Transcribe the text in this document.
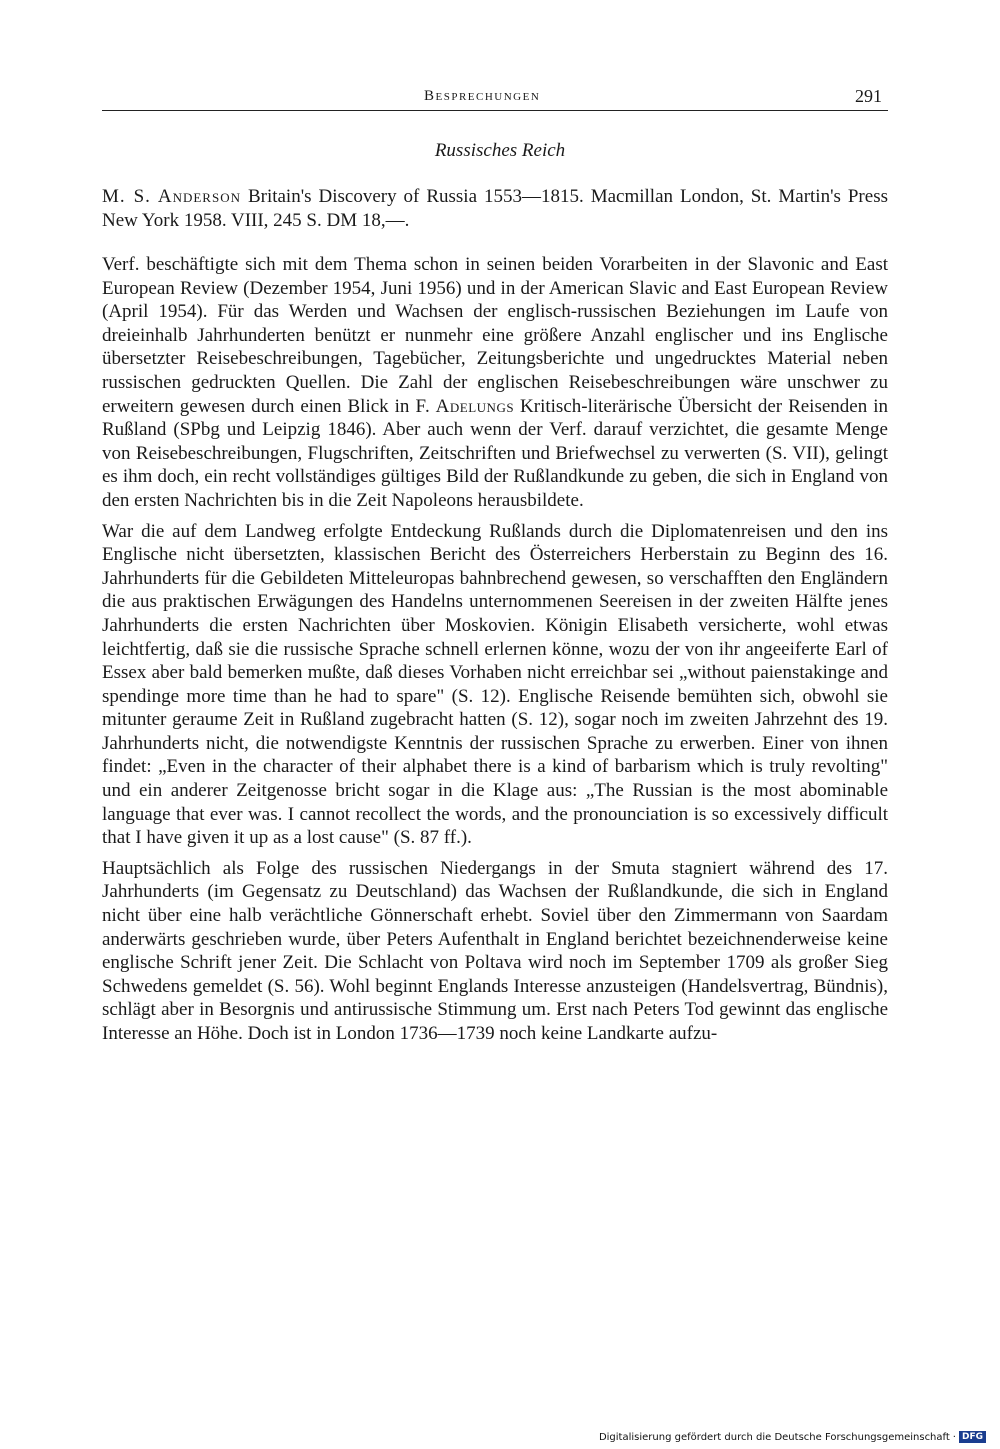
Besprechungen	291
Russisches Reich

M. S. Anderson Britain's Discovery of Russia 1553—1815. Macmillan London, St. Martin's Press New York 1958. VIII, 245 S. DM 18,—.

Verf. beschäftigte sich mit dem Thema schon in seinen beiden Vorarbeiten in der Slavonic and East European Review (Dezember 1954, Juni 1956) und in der American Slavic and East European Review (April 1954). Für das Werden und Wachsen der englisch-russischen Beziehungen im Laufe von dreieinhalb Jahrhunderten benützt er nunmehr eine größere Anzahl englischer und ins Englische übersetzter Reisebeschreibungen, Tagebücher, Zeitungsberichte und ungedrucktes Material neben russischen gedruckten Quellen. Die Zahl der englischen Reisebeschreibungen wäre unschwer zu erweitern gewesen durch einen Blick in F. Adelungs Kritisch-literärische Übersicht der Reisenden in Rußland (SPbg und Leipzig 1846). Aber auch wenn der Verf. darauf verzichtet, die gesamte Menge von Reisebeschreibungen, Flugschriften, Zeitschriften und Briefwechsel zu verwerten (S. VII), gelingt es ihm doch, ein recht vollständiges gültiges Bild der Rußlandkunde zu geben, die sich in England von den ersten Nachrichten bis in die Zeit Napoleons herausbildete.

War die auf dem Landweg erfolgte Entdeckung Rußlands durch die Diplomatenreisen und den ins Englische nicht übersetzten, klassischen Bericht des Österreichers Herberstain zu Beginn des 16. Jahrhunderts für die Gebildeten Mitteleuropas bahnbrechend gewesen, so verschafften den Engländern die aus praktischen Erwägungen des Handelns unternommenen Seereisen in der zweiten Hälfte jenes Jahrhunderts die ersten Nachrichten über Moskovien. Königin Elisabeth versicherte, wohl etwas leichtfertig, daß sie die russische Sprache schnell erlernen könne, wozu der von ihr angeeiferte Earl of Essex aber bald bemerken mußte, daß dieses Vorhaben nicht erreichbar sei „without paienstakinge and spendinge more time than he had to spare" (S. 12). Englische Reisende bemühten sich, obwohl sie mitunter geraume Zeit in Rußland zugebracht hatten (S. 12), sogar noch im zweiten Jahrzehnt des 19. Jahrhunderts nicht, die notwendigste Kenntnis der russischen Sprache zu erwerben. Einer von ihnen findet: „Even in the character of their alphabet there is a kind of barbarism which is truly revolting" und ein anderer Zeitgenosse bricht sogar in die Klage aus: „The Russian is the most abominable language that ever was. I cannot recollect the words, and the pronounciation is so excessively difficult that I have given it up as a lost cause" (S. 87 ff.).

Hauptsächlich als Folge des russischen Niedergangs in der Smuta stagniert während des 17. Jahrhunderts (im Gegensatz zu Deutschland) das Wachsen der Rußlandkunde, die sich in England nicht über eine halb verächtliche Gönnerschaft erhebt. Soviel über den Zimmermann von Saardam anderwärts geschrieben wurde, über Peters Aufenthalt in England berichtet bezeichnenderweise keine englische Schrift jener Zeit. Die Schlacht von Poltava wird noch im September 1709 als großer Sieg Schwedens gemeldet (S. 56). Wohl beginnt Englands Interesse anzusteigen (Handelsvertrag, Bündnis), schlägt aber in Besorgnis und antirussische Stimmung um. Erst nach Peters Tod gewinnt das englische Interesse an Höhe. Doch ist in London 1736—1739 noch keine Landkarte aufzu-

Digitalisierung gefördert durch die Deutsche Forschungsgemeinschaft · DFG
